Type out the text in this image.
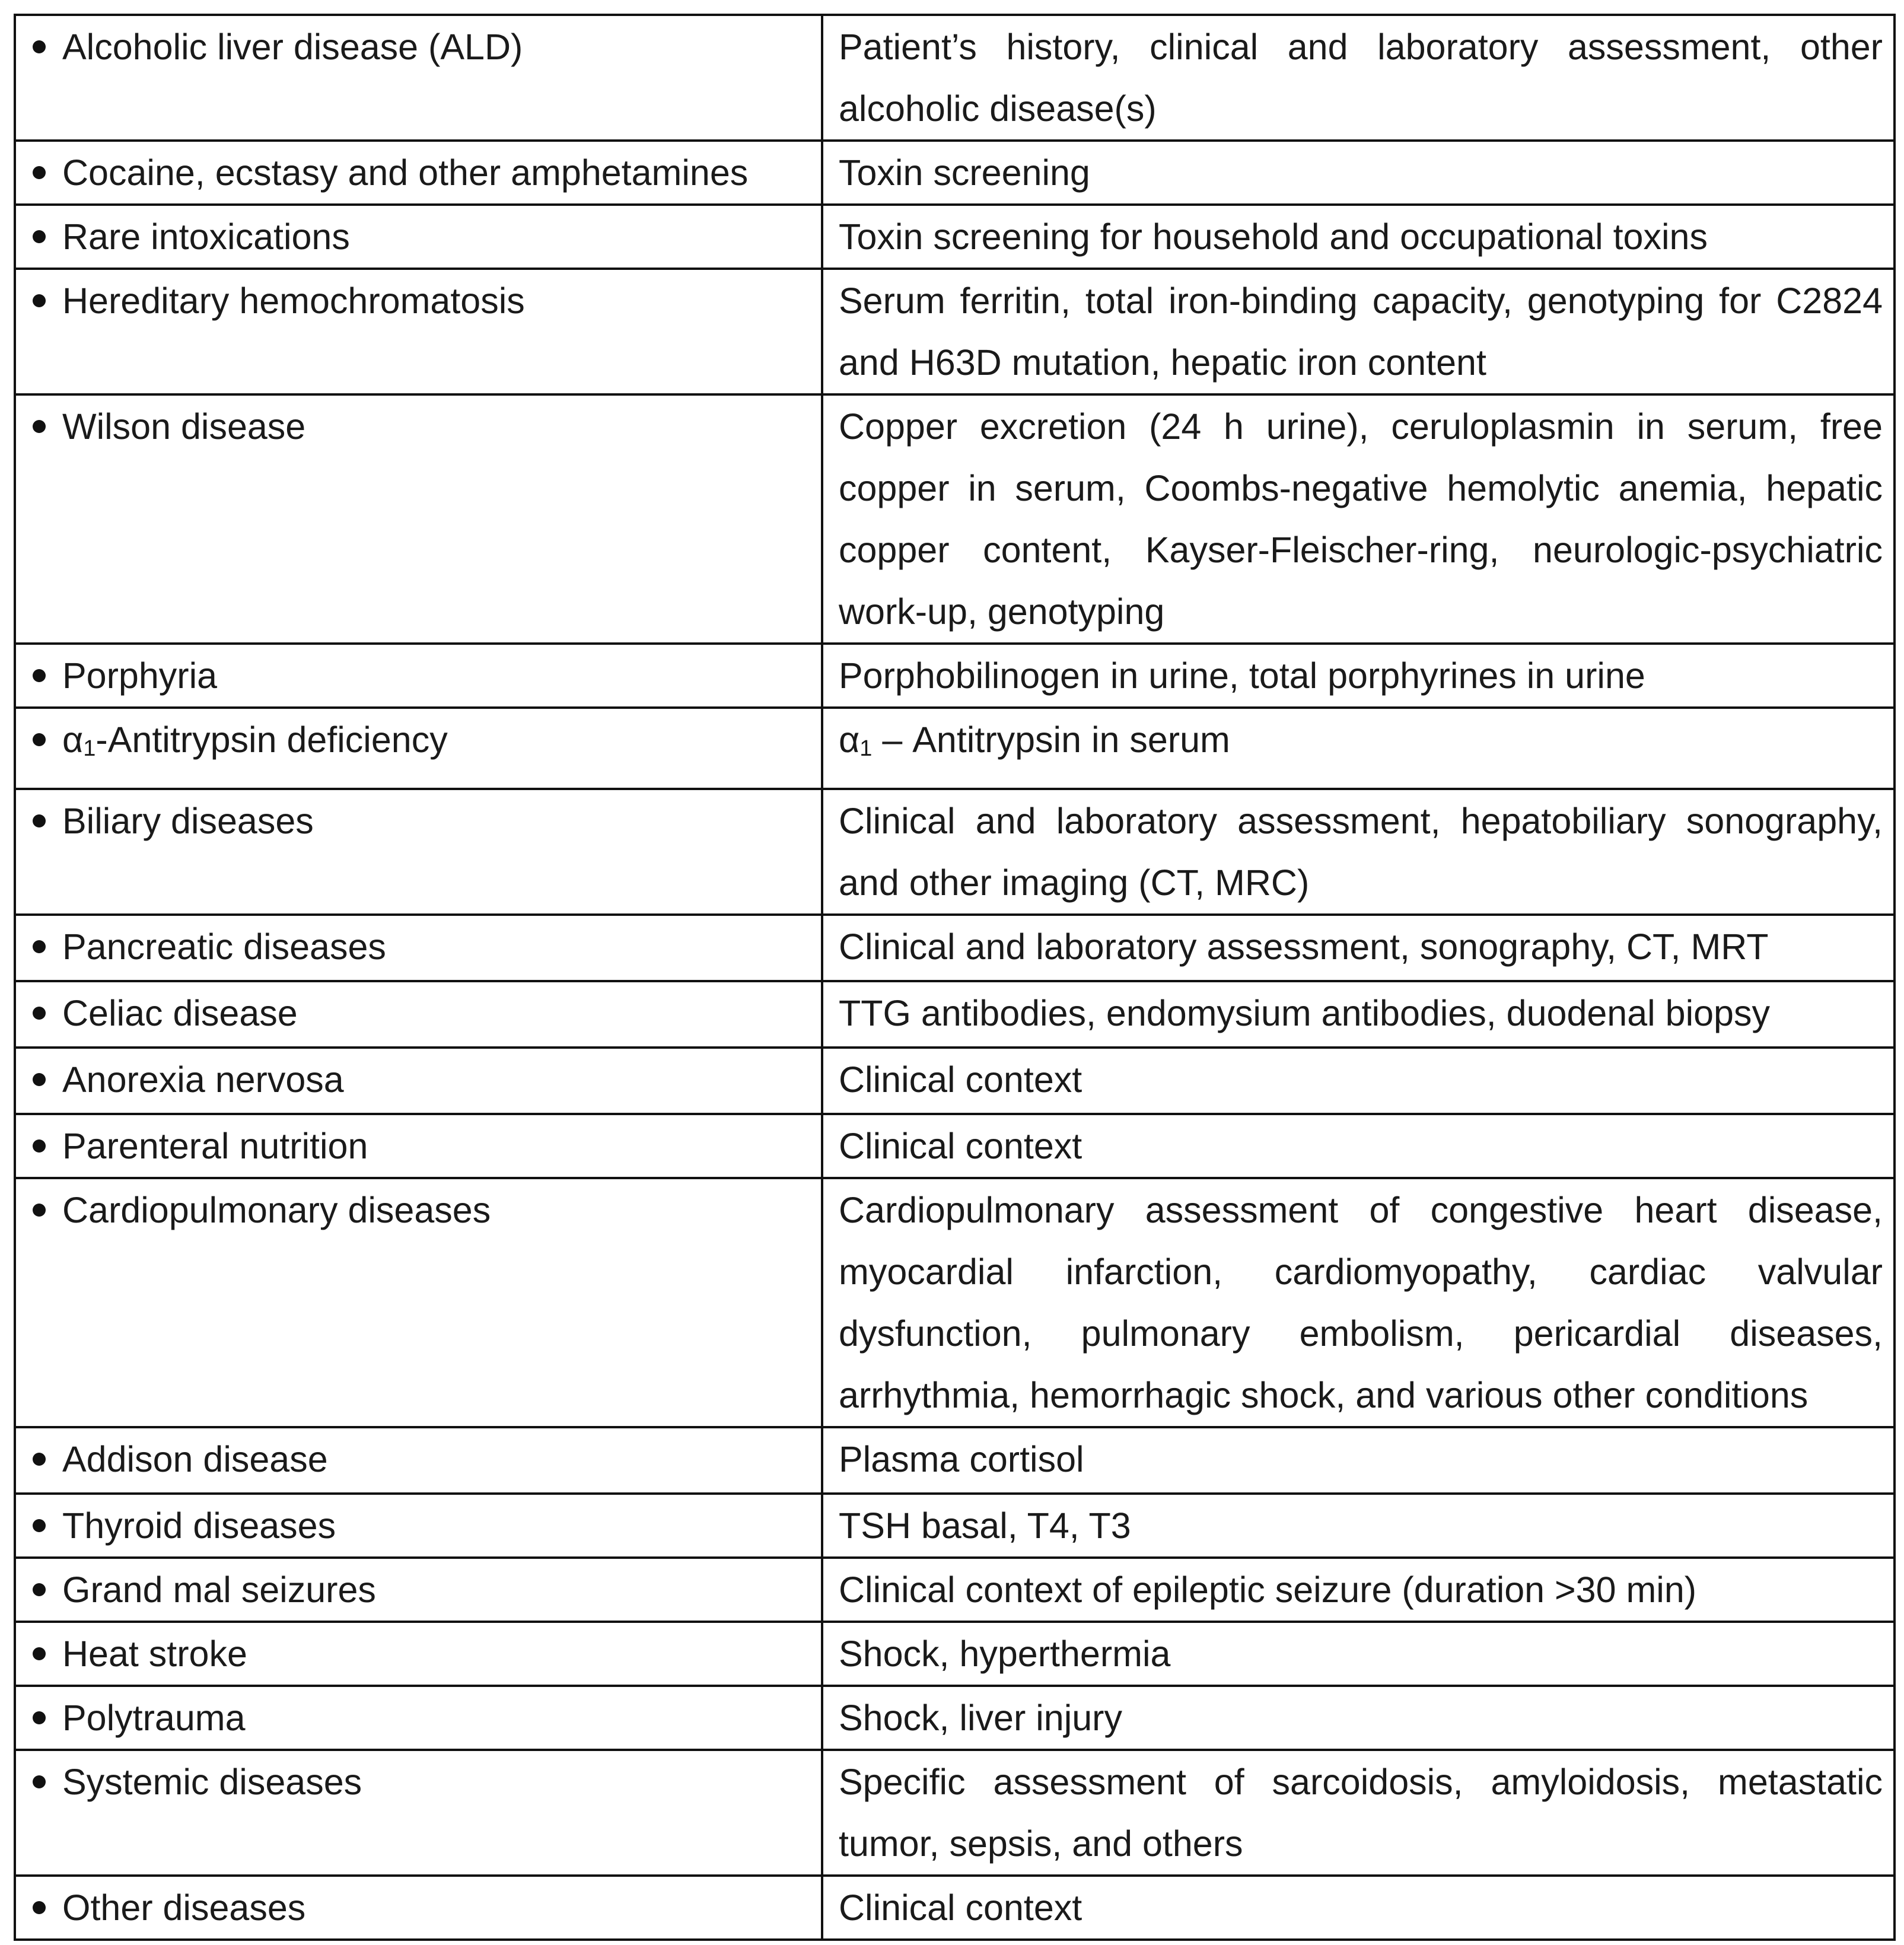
Alcoholic liver disease (ALD)	Patient’s history, clinical and laboratory assessment, other alcoholic disease(s)
Cocaine, ecstasy and other amphetamines	Toxin screening
Rare intoxications	Toxin screening for household and occupational toxins
Hereditary hemochromatosis	Serum ferritin, total iron-binding capacity, genotyping for C2824 and H63D mutation, hepatic iron content
Wilson disease	Copper excretion (24 h urine), ceruloplasmin in serum, free copper in serum, Coombs-negative hemolytic anemia, hepatic copper content, Kayser-Fleischer-ring, neurologic-psychiatric work-up, genotyping
Porphyria	Porphobilinogen in urine, total porphyrines in urine
α1-Antitrypsin deficiency	α1 – Antitrypsin in serum
Biliary diseases	Clinical and laboratory assessment, hepatobiliary sonography, and other imaging (CT, MRC)
Pancreatic diseases	Clinical and laboratory assessment, sonography, CT, MRT
Celiac disease	TTG antibodies, endomysium antibodies, duodenal biopsy
Anorexia nervosa	Clinical context
Parenteral nutrition	Clinical context
Cardiopulmonary diseases	Cardiopulmonary assessment of congestive heart disease, myocardial infarction, cardiomyopathy, cardiac valvular dysfunction, pulmonary embolism, pericardial diseases, arrhythmia, hemorrhagic shock, and various other conditions
Addison disease	Plasma cortisol
Thyroid diseases	TSH basal, T4, T3
Grand mal seizures	Clinical context of epileptic seizure (duration >30 min)
Heat stroke	Shock, hyperthermia
Polytrauma	Shock, liver injury
Systemic diseases	Specific assessment of sarcoidosis, amyloidosis, metastatic tumor, sepsis, and others
Other diseases	Clinical context
